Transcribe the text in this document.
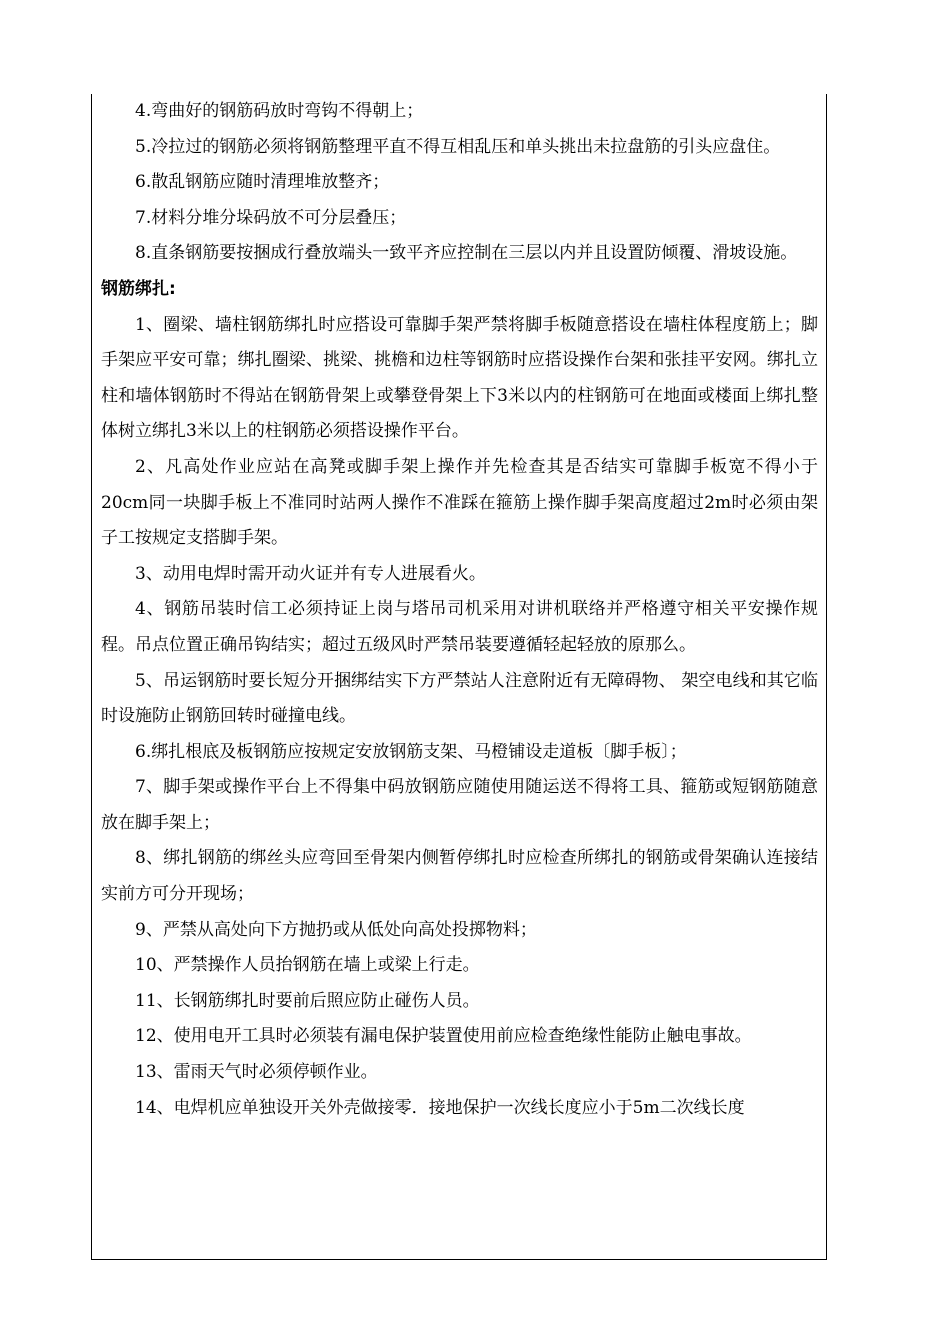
4.弯曲好的钢筋码放时弯钩不得朝上；

5.冷拉过的钢筋必须将钢筋整理平直不得互相乱压和单头挑出未拉盘筋的引头应盘住。

6.散乱钢筋应随时清理堆放整齐；

7.材料分堆分垛码放不可分层叠压；

8.直条钢筋要按捆成行叠放端头一致平齐应控制在三层以内并且设置防倾覆、滑坡设施。

钢筋绑扎:

1、圈梁、墙柱钢筋绑扎时应搭设可靠脚手架严禁将脚手板随意搭设在墙柱体程度筋上；脚手架应平安可靠；绑扎圈梁、挑梁、挑檐和边柱等钢筋时应搭设操作台架和张挂平安网。绑扎立柱和墙体钢筋时不得站在钢筋骨架上或攀登骨架上下3米以内的柱钢筋可在地面或楼面上绑扎整体树立绑扎3米以上的柱钢筋必须搭设操作平台。

2、凡高处作业应站在高凳或脚手架上操作并先检查其是否结实可靠脚手板宽不得小于20cm同一块脚手板上不准同时站两人操作不准踩在箍筋上操作脚手架高度超过2m时必须由架子工按规定支搭脚手架。

3、动用电焊时需开动火证并有专人进展看火。

4、钢筋吊装时信工必须持证上岗与塔吊司机采用对讲机联络并严格遵守相关平安操作规程。吊点位置正确吊钩结实；超过五级风时严禁吊装要遵循轻起轻放的原那么。

5、吊运钢筋时要长短分开捆绑结实下方严禁站人注意附近有无障碍物、 架空电线和其它临时设施防止钢筋回转时碰撞电线。

6.绑扎根底及板钢筋应按规定安放钢筋支架、马橙铺设走道板〔脚手板〕；

7、脚手架或操作平台上不得集中码放钢筋应随使用随运送不得将工具、箍筋或短钢筋随意放在脚手架上；

8、绑扎钢筋的绑丝头应弯回至骨架内侧暂停绑扎时应检查所绑扎的钢筋或骨架确认连接结实前方可分开现场；

9、严禁从高处向下方抛扔或从低处向高处投掷物料；

10、严禁操作人员抬钢筋在墙上或梁上行走。

11、长钢筋绑扎时要前后照应防止碰伤人员。

12、使用电开工具时必须装有漏电保护装置使用前应检查绝缘性能防止触电事故。

13、雷雨天气时必须停顿作业。

14、电焊机应单独设开关外壳做接零．接地保护一次线长度应小于5m二次线长度
